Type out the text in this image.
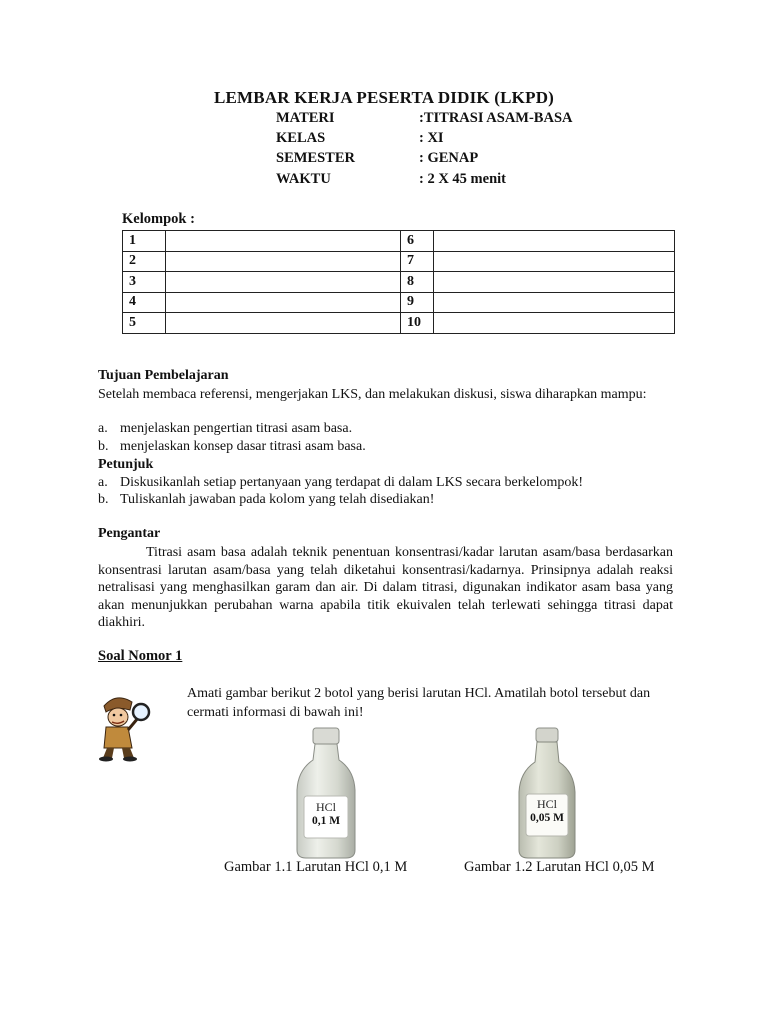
LEMBAR KERJA PESERTA DIDIK (LKPD)
MATERI	:TITRASI ASAM-BASA
KELAS	: XI
SEMESTER	: GENAP
WAKTU	: 2 X 45 menit
Kelompok :
1		6	
2		7	
3		8	
4		9	
5		10	
Tujuan Pembelajaran
Setelah membaca referensi, mengerjakan LKS, dan melakukan diskusi, siswa diharapkan mampu:
a. menjelaskan pengertian titrasi asam basa.
b. menjelaskan konsep dasar titrasi asam basa.
Petunjuk
a. Diskusikanlah setiap pertanyaan yang terdapat di dalam LKS secara berkelompok!
b. Tuliskanlah jawaban pada kolom yang telah disediakan!
Pengantar
Titrasi asam basa adalah teknik penentuan konsentrasi/kadar larutan asam/basa berdasarkan konsentrasi larutan asam/basa yang telah diketahui konsentrasi/kadarnya. Prinsipnya adalah reaksi netralisasi yang menghasilkan garam dan air. Di dalam titrasi, digunakan indikator asam basa yang akan menunjukkan perubahan warna apabila titik ekuivalen telah terlewati sehingga titrasi dapat diakhiri.
Soal Nomor 1
Amati gambar berikut 2 botol yang berisi larutan HCl. Amatilah botol tersebut dan cermati informasi di bawah ini!
HCl
0,1 M
HCl
0,05 M
Gambar 1.1 Larutan HCl 0,1 M	Gambar 1.2 Larutan HCl 0,05 M
